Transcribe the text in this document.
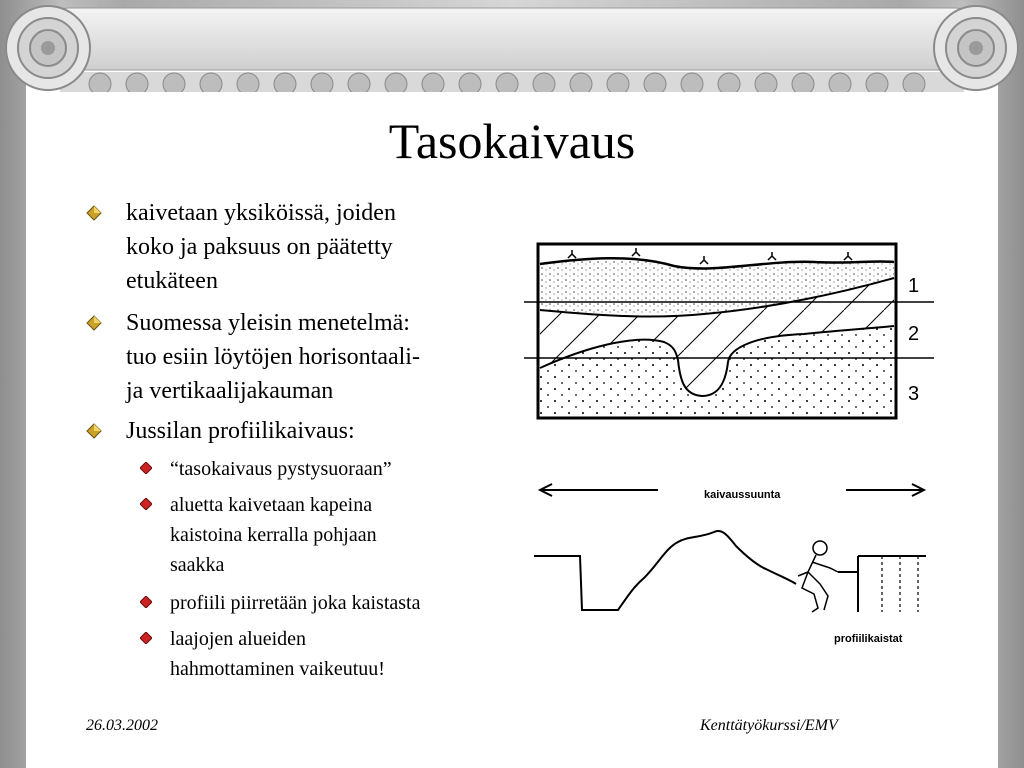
Tasokaivaus
kaivetaan yksiköissä, joiden
koko ja paksuus on päätetty
etukäteen
Suomessa yleisin menetelmä:
tuo esiin löytöjen horisontaali-
ja vertikaalijakauman
Jussilan profiilikaivaus:
“tasokaivaus pystysuoraan”
aluetta kaivetaan kapeina
kaistoina kerralla pohjaan
saakka
profiili piirretään joka kaistasta
laajojen alueiden
hahmottaminen vaikeutuu!
1
2
3
kaivaussuunta
profiilikaistat
26.03.2002	Kenttätyökurssi/EMV
